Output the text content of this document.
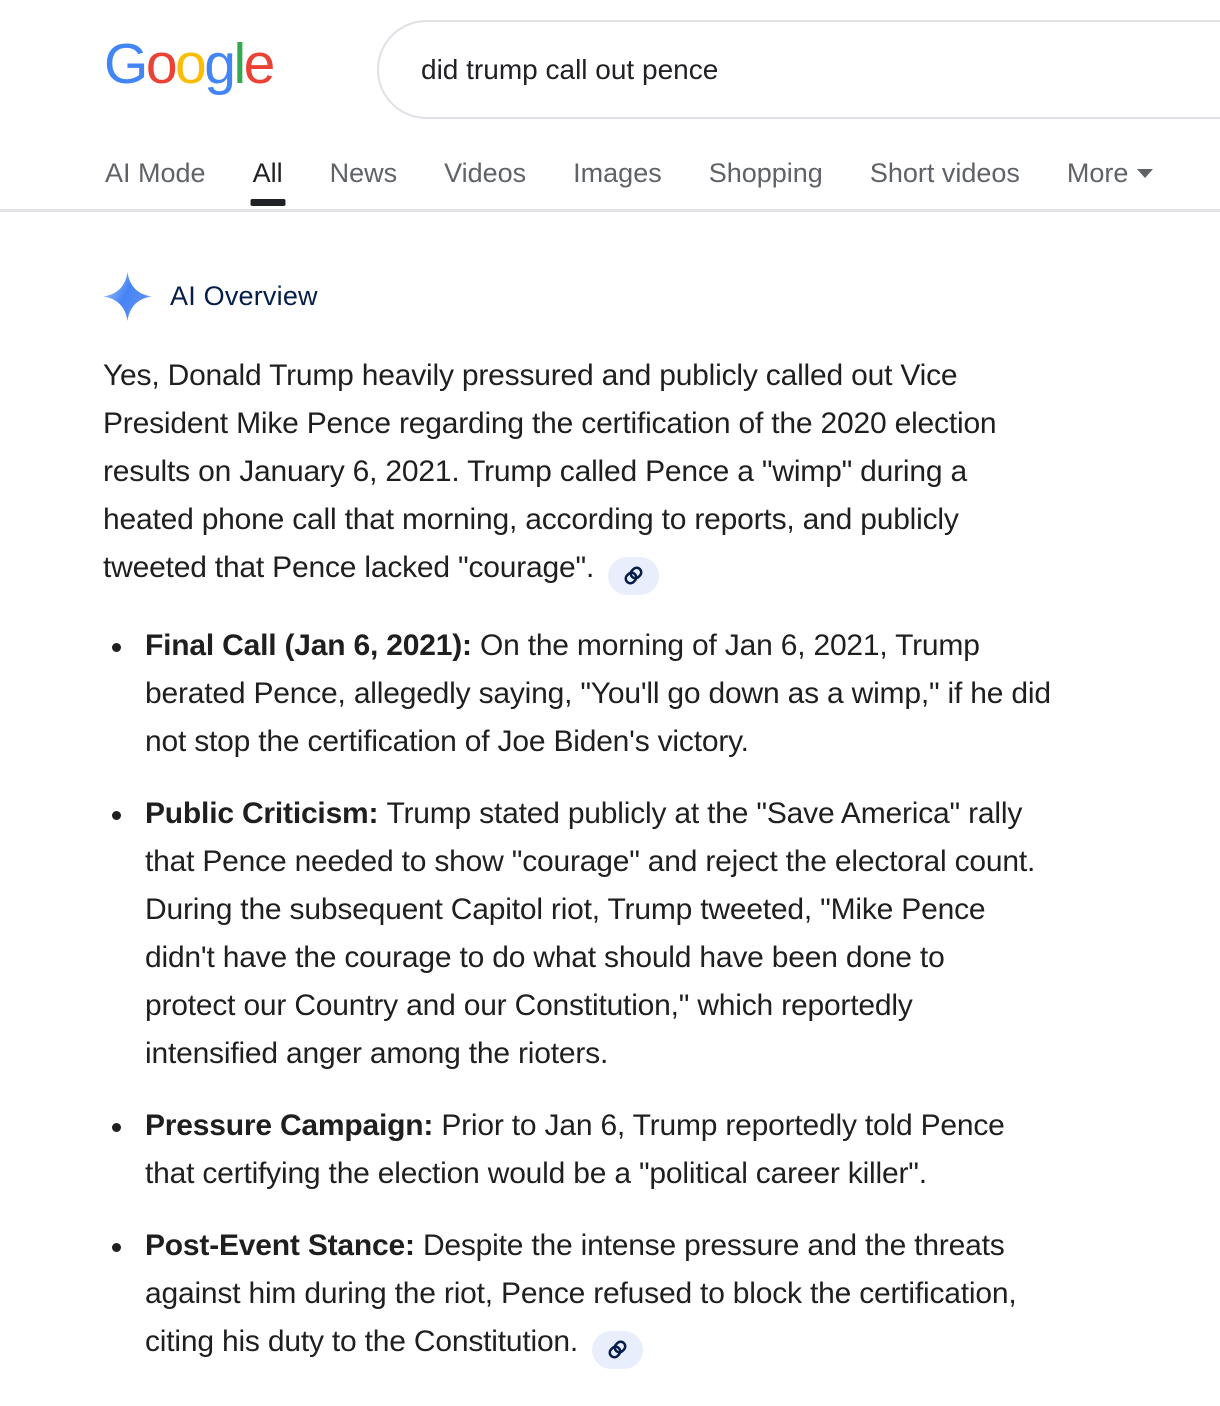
Google
did trump call out pence
AI Mode All News Videos Images Shopping Short videos More
AI Overview

Yes, Donald Trump heavily pressured and publicly called out Vice
President Mike Pence regarding the certification of the 2020 election
results on January 6, 2021. Trump called Pence a "wimp" during a
heated phone call that morning, according to reports, and publicly
tweeted that Pence lacked "courage".

Final Call (Jan 6, 2021): On the morning of Jan 6, 2021, Trump
berated Pence, allegedly saying, "You'll go down as a wimp," if he did
not stop the certification of Joe Biden's victory.
Public Criticism: Trump stated publicly at the "Save America" rally
that Pence needed to show "courage" and reject the electoral count.
During the subsequent Capitol riot, Trump tweeted, "Mike Pence
didn't have the courage to do what should have been done to
protect our Country and our Constitution," which reportedly
intensified anger among the rioters.
Pressure Campaign: Prior to Jan 6, Trump reportedly told Pence
that certifying the election would be a "political career killer".
Post-Event Stance: Despite the intense pressure and the threats
against him during the riot, Pence refused to block the certification,
citing his duty to the Constitution.
